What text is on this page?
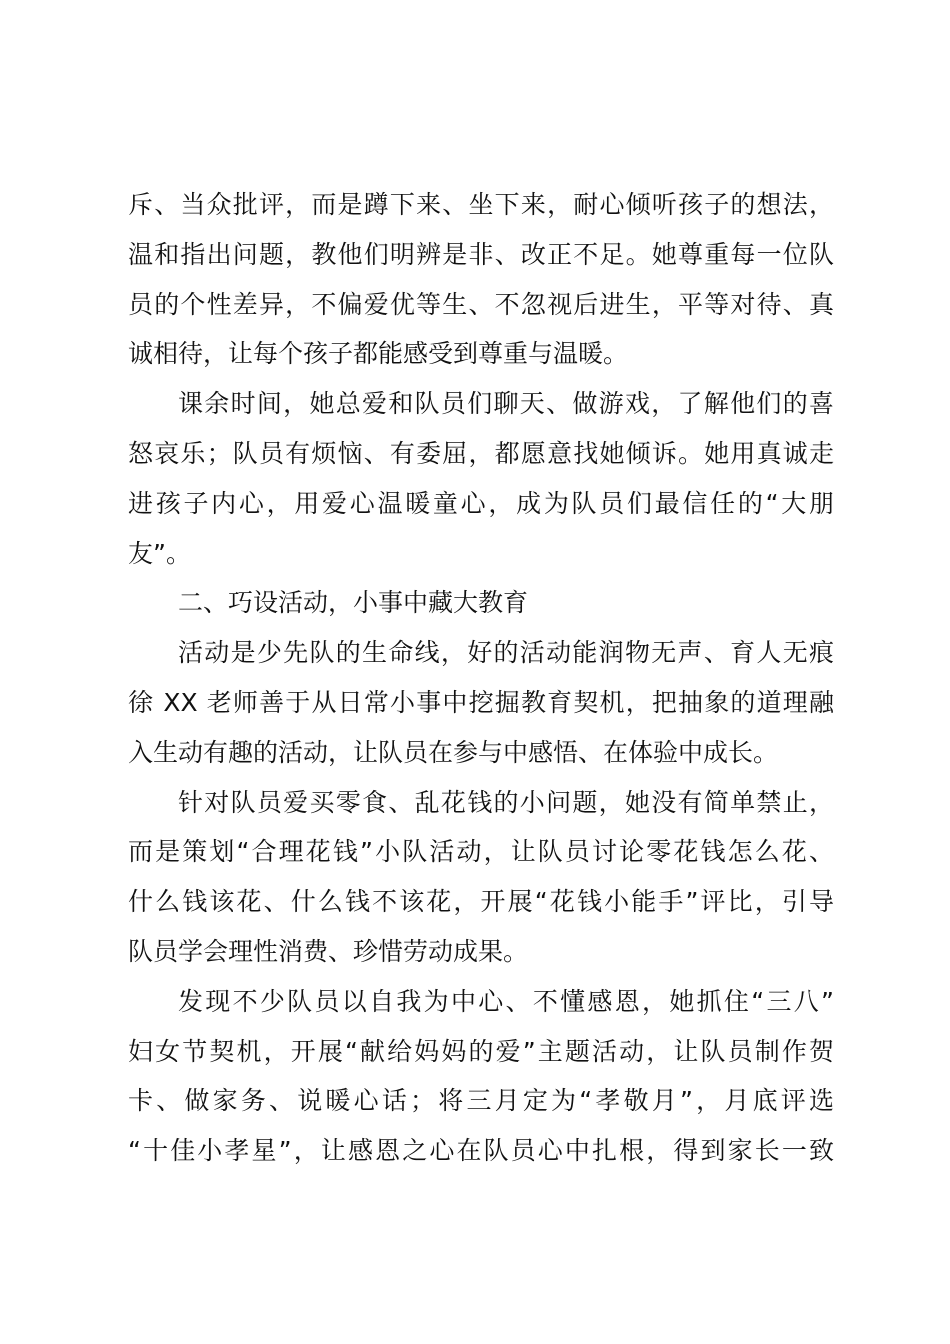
斥、当众批评，而是蹲下来、坐下来，耐心倾听孩子的想法，
温和指出问题，教他们明辨是非、改正不足。她尊重每一位队
员的个性差异，不偏爱优等生、不忽视后进生，平等对待、真
诚相待，让每个孩子都能感受到尊重与温暖。
课余时间，她总爱和队员们聊天、做游戏，了解他们的喜
怒哀乐；队员有烦恼、有委屈，都愿意找她倾诉。她用真诚走
进孩子内心，用爱心温暖童心，成为队员们最信任的“大朋
友”。
二、巧设活动，小事中藏大教育
活动是少先队的生命线，好的活动能润物无声、育人无痕
徐 XX 老师善于从日常小事中挖掘教育契机，把抽象的道理融
入生动有趣的活动，让队员在参与中感悟、在体验中成长。
针对队员爱买零食、乱花钱的小问题，她没有简单禁止，
而是策划“合理花钱”小队活动，让队员讨论零花钱怎么花、
什么钱该花、什么钱不该花，开展“花钱小能手”评比，引导
队员学会理性消费、珍惜劳动成果。
发现不少队员以自我为中心、不懂感恩，她抓住“三八”
妇女节契机，开展“献给妈妈的爱”主题活动，让队员制作贺
卡、做家务、说暖心话；将三月定为“孝敬月”，月底评选
“十佳小孝星”，让感恩之心在队员心中扎根，得到家长一致
